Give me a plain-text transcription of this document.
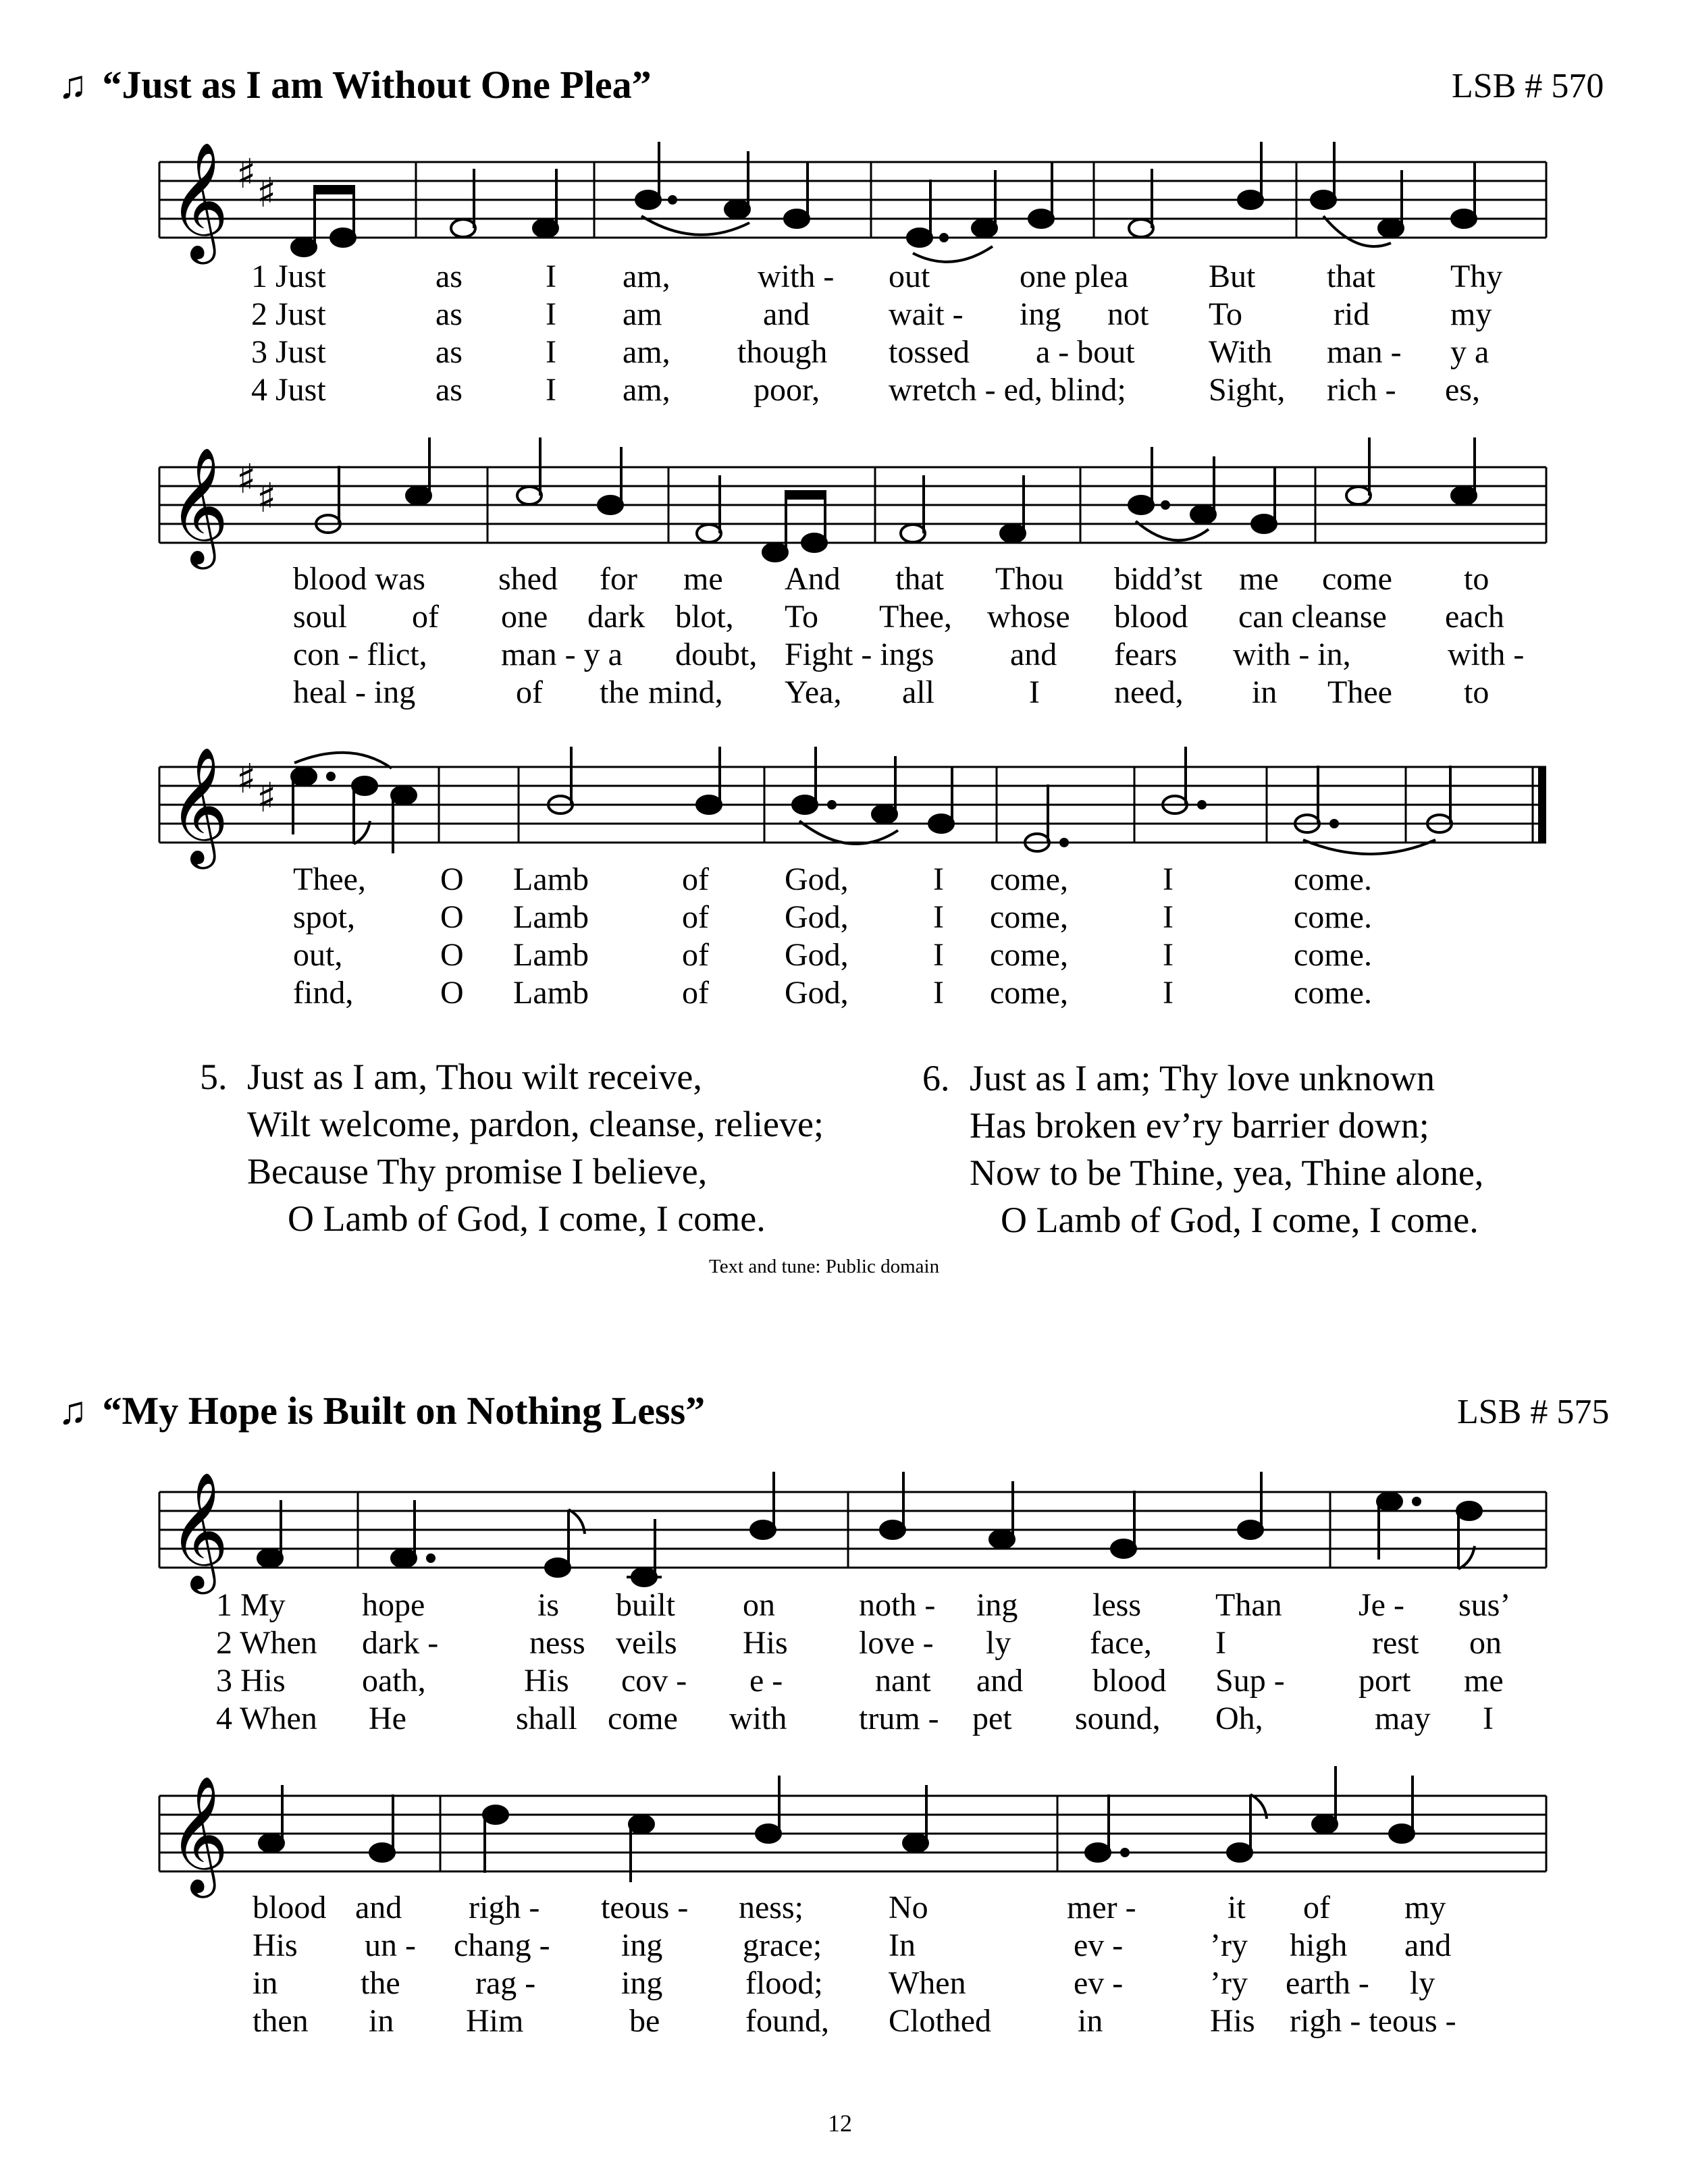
♫ “Just as I am Without One Plea”	LSB # 570
𝄞 ♯ ♯
1 Just	as	I am,	with - out	one plea But that Thy
2 Just	as	I am	and wait - ing not To	rid my
3 Just	as	I am, though tossed a - bout With man - y a
4 Just	as	I am,	poor, wretch - ed, blind;	Sight, rich - es,
𝄞 ♯ ♯
blood was shed for me And that Thou bidd’st me come to
soul of one dark blot, To Thee, whose blood can cleanse each
con - flict, man - y a doubt, Fight - ings and fears with - in,	with -
heal - ing	of the mind, Yea, all	I need, in Thee to
𝄞 ♯ ♯
Thee, O Lamb	of God,	I come,	I	come.
spot,	O Lamb	of God,	I come,	I	come.
out,	O Lamb	of God,	I come,	I	come.
find,	O Lamb	of God,	I come,	I	come.
5. Just as I am, Thou wilt receive,
Wilt welcome, pardon, cleanse, relieve;
Because Thy promise I believe,
O Lamb of God, I come, I come.
6. Just as I am; Thy love unknown
Has broken ev’ry barrier down;
Now to be Thine, yea, Thine alone,
O Lamb of God, I come, I come.
Text and tune: Public domain
♫ “My Hope is Built on Nothing Less”	LSB # 575
𝄞
1 My hope	is built on	noth - ing less Than Je - sus’
2 When dark -	ness veils His love - ly face, I	rest on
3 His oath,	His cov - e -	nant and blood Sup - port me
4 When He	shall come with trum - pet sound, Oh,	may I
𝄞
blood and righ - teous - ness;	No	mer -	it of my
His un - chang - ing grace; In	ev -	’ry high and
in	the rag -	ing	flood; When	ev -	’ry earth - ly
then in Him	be	found, Clothed	in	His righ - teous -
12
